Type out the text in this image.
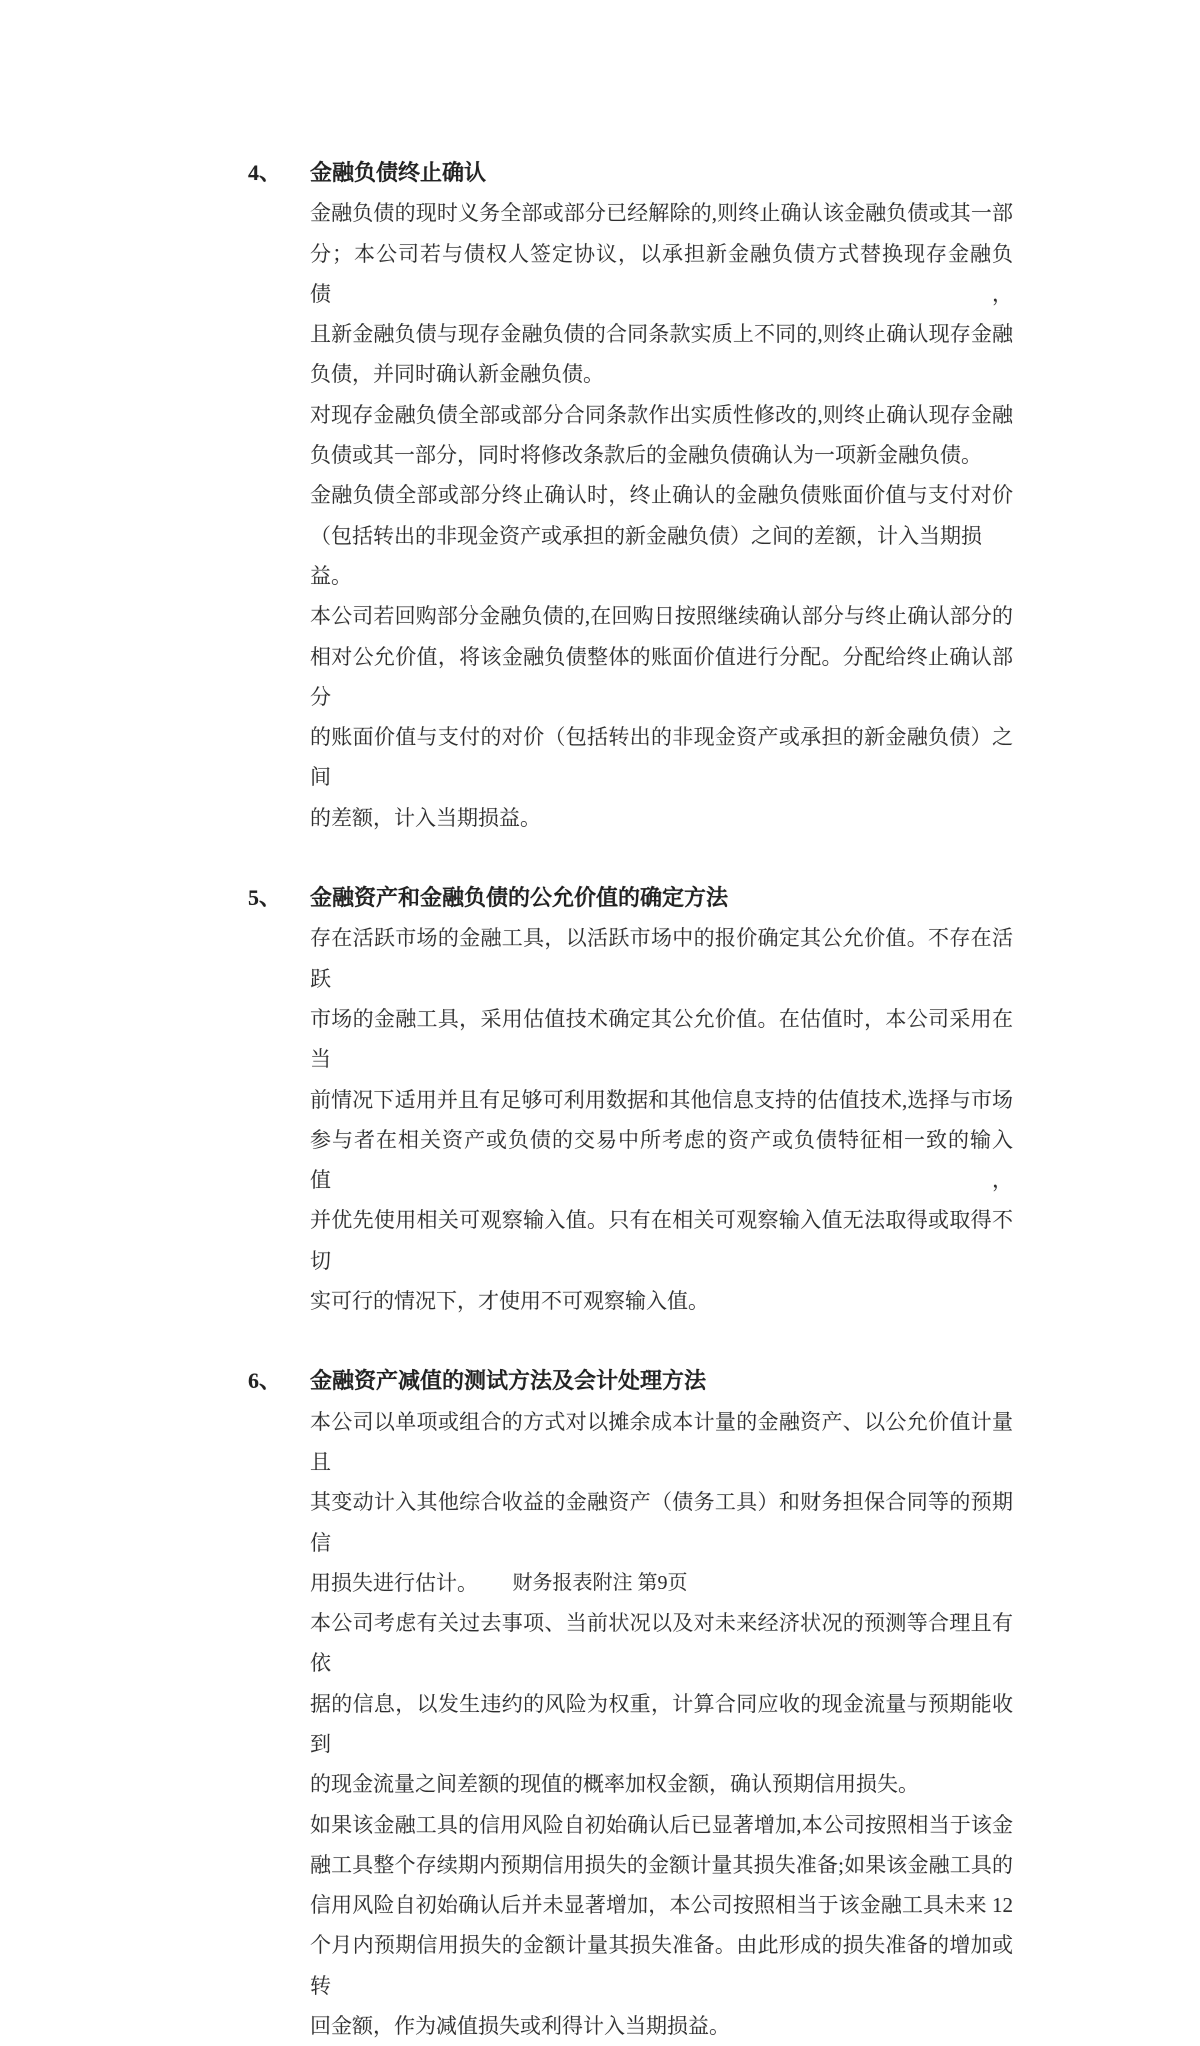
4、	金融负债终止确认

金融负债的现时义务全部或部分已经解除的,则终止确认该金融负债或其一部
分；本公司若与债权人签定协议，以承担新金融负债方式替换现存金融负债，
且新金融负债与现存金融负债的合同条款实质上不同的,则终止确认现存金融
负债，并同时确认新金融负债。

对现存金融负债全部或部分合同条款作出实质性修改的,则终止确认现存金融
负债或其一部分，同时将修改条款后的金融负债确认为一项新金融负债。

金融负债全部或部分终止确认时，终止确认的金融负债账面价值与支付对价
（包括转出的非现金资产或承担的新金融负债）之间的差额，计入当期损益。

本公司若回购部分金融负债的,在回购日按照继续确认部分与终止确认部分的
相对公允价值，将该金融负债整体的账面价值进行分配。分配给终止确认部分
的账面价值与支付的对价（包括转出的非现金资产或承担的新金融负债）之间
的差额，计入当期损益。

5、	金融资产和金融负债的公允价值的确定方法

存在活跃市场的金融工具，以活跃市场中的报价确定其公允价值。不存在活跃
市场的金融工具，采用估值技术确定其公允价值。在估值时，本公司采用在当
前情况下适用并且有足够可利用数据和其他信息支持的估值技术,选择与市场
参与者在相关资产或负债的交易中所考虑的资产或负债特征相一致的输入值，
并优先使用相关可观察输入值。只有在相关可观察输入值无法取得或取得不切
实可行的情况下，才使用不可观察输入值。

6、	金融资产减值的测试方法及会计处理方法

本公司以单项或组合的方式对以摊余成本计量的金融资产、以公允价值计量且
其变动计入其他综合收益的金融资产（债务工具）和财务担保合同等的预期信
用损失进行估计。

本公司考虑有关过去事项、当前状况以及对未来经济状况的预测等合理且有依
据的信息，以发生违约的风险为权重，计算合同应收的现金流量与预期能收到
的现金流量之间差额的现值的概率加权金额，确认预期信用损失。

如果该金融工具的信用风险自初始确认后已显著增加,本公司按照相当于该金
融工具整个存续期内预期信用损失的金额计量其损失准备;如果该金融工具的
信用风险自初始确认后并未显著增加，本公司按照相当于该金融工具未来 12
个月内预期信用损失的金额计量其损失准备。由此形成的损失准备的增加或转
回金额，作为减值损失或利得计入当期损益。

财务报表附注 第9页
